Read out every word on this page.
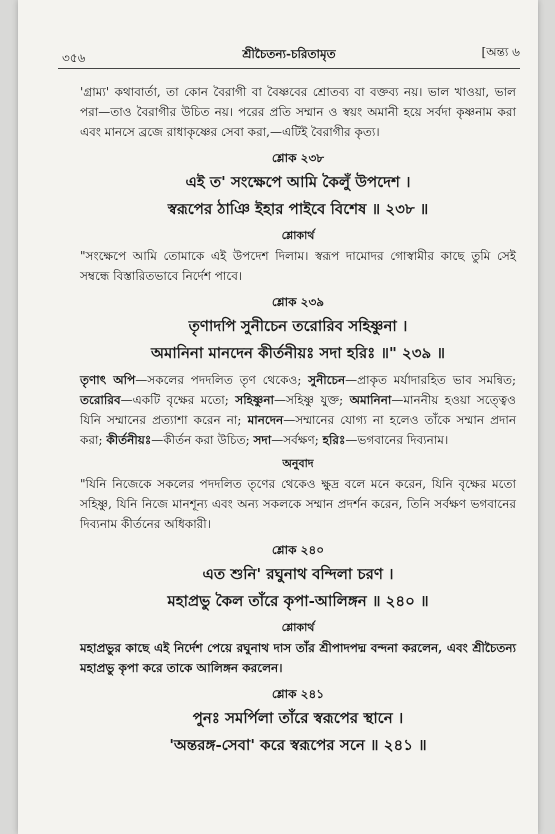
৩৫৬	শ্রীচৈতন্য-চরিতামৃত	[অন্ত্য ৬

'গ্রাম্য' কথাবার্তা, তা কোন বৈরাগী বা বৈষ্ণবের শ্রোতব্য বা বক্তব্য নয়। ভাল খাওয়া, ভাল পরা—তাও বৈরাগীর উচিত নয়। পরের প্রতি সম্মান ও স্বয়ং অমানী হয়ে সর্বদা কৃষ্ণনাম করা এবং মানসে ব্রজে রাধাকৃষ্ণের সেবা করা,—এটিই বৈরাগীর কৃত্য।

শ্লোক ২৩৮
এই ত' সংক্ষেপে আমি কৈলুঁ উপদেশ ।
স্বরূপের ঠাঞি ইহার পাইবে বিশেষ ॥ ২৩৮ ॥
শ্লোকার্থ

"সংক্ষেপে আমি তোমাকে এই উপদেশ দিলাম। স্বরূপ দামোদর গোস্বামীর কাছে তুমি সেই সম্বন্ধে বিস্তারিতভাবে নির্দেশ পাবে।

শ্লোক ২৩৯
তৃণাদপি সুনীচেন তরোরিব সহিষ্ণুনা ।
অমানিনা মানদেন কীর্তনীয়ঃ সদা হরিঃ ॥" ২৩৯ ॥

তৃণাৎ অপি—সকলের পদদলিত তৃণ থেকেও; সুনীচেন—প্রাকৃত মর্যাদারহিত ভাব সমন্বিত; তরোরিব—একটি বৃক্ষের মতো; সহিষ্ণুনা—সহিষ্ণু যুক্ত; অমানিনা—মাননীয় হওয়া সত্ত্বেও যিনি সম্মানের প্রত্যাশা করেন না; মানদেন—সম্মানের যোগ্য না হলেও তাঁকে সম্মান প্রদান করা; কীর্তনীয়ঃ—কীর্তন করা উচিত; সদা—সর্বক্ষণ; হরিঃ—ভগবানের দিব্যনাম।

অনুবাদ

"যিনি নিজেকে সকলের পদদলিত তৃণের থেকেও ক্ষুদ্র বলে মনে করেন, যিনি বৃক্ষের মতো সহিষ্ণু, যিনি নিজে মানশূন্য এবং অন্য সকলকে সম্মান প্রদর্শন করেন, তিনি সর্বক্ষণ ভগবানের দিব্যনাম কীর্তনের অধিকারী।

শ্লোক ২৪০
এত শুনি' রঘুনাথ বন্দিলা চরণ ।
মহাপ্রভু কৈল তাঁরে কৃপা-আলিঙ্গন ॥ ২৪০ ॥
শ্লোকার্থ

মহাপ্রভুর কাছে এই নির্দেশ পেয়ে রঘুনাথ দাস তাঁর শ্রীপাদপদ্ম বন্দনা করলেন, এবং শ্রীচৈতন্য মহাপ্রভু কৃপা করে তাকে আলিঙ্গন করলেন।

শ্লোক ২৪১
পুনঃ সমর্পিলা তাঁরে স্বরূপের স্থানে ।
'অন্তরঙ্গ-সেবা' করে স্বরূপের সনে ॥ ২৪১ ॥
